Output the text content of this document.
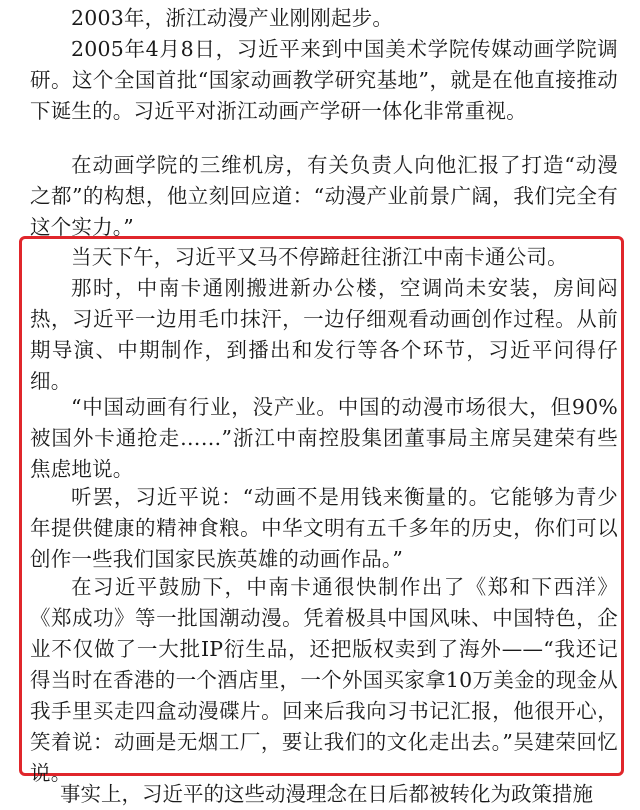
2003年，浙江动漫产业刚刚起步。

2005年4月8日，习近平来到中国美术学院传媒动画学院调研。这个全国首批“国家动画教学研究基地”，就是在他直接推动下诞生的。习近平对浙江动画产学研一体化非常重视。

在动画学院的三维机房，有关负责人向他汇报了打造“动漫之都”的构想，他立刻回应道：“动漫产业前景广阔，我们完全有这个实力。”

当天下午，习近平又马不停蹄赶往浙江中南卡通公司。

那时，中南卡通刚搬进新办公楼，空调尚未安装，房间闷热，习近平一边用毛巾抹汗，一边仔细观看动画创作过程。从前期导演、中期制作，到播出和发行等各个环节，习近平问得仔细。

“中国动画有行业，没产业。中国的动漫市场很大，但90%被国外卡通抢走……”浙江中南控股集团董事局主席吴建荣有些焦虑地说。

听罢，习近平说：“动画不是用钱来衡量的。它能够为青少年提供健康的精神食粮。中华文明有五千多年的历史，你们可以创作一些我们国家民族英雄的动画作品。”

在习近平鼓励下，中南卡通很快制作出了《郑和下西洋》《郑成功》等一批国潮动漫。凭着极具中国风味、中国特色，企业不仅做了一大批IP衍生品，还把版权卖到了海外——“我还记得当时在香港的一个酒店里，一个外国买家拿10万美金的现金从我手里买走四盒动漫碟片。回来后我向习书记汇报，他很开心，笑着说：动画是无烟工厂，要让我们的文化走出去。”吴建荣回忆说。

事实上，习近平的这些动漫理念在日后都被转化为政策措施
